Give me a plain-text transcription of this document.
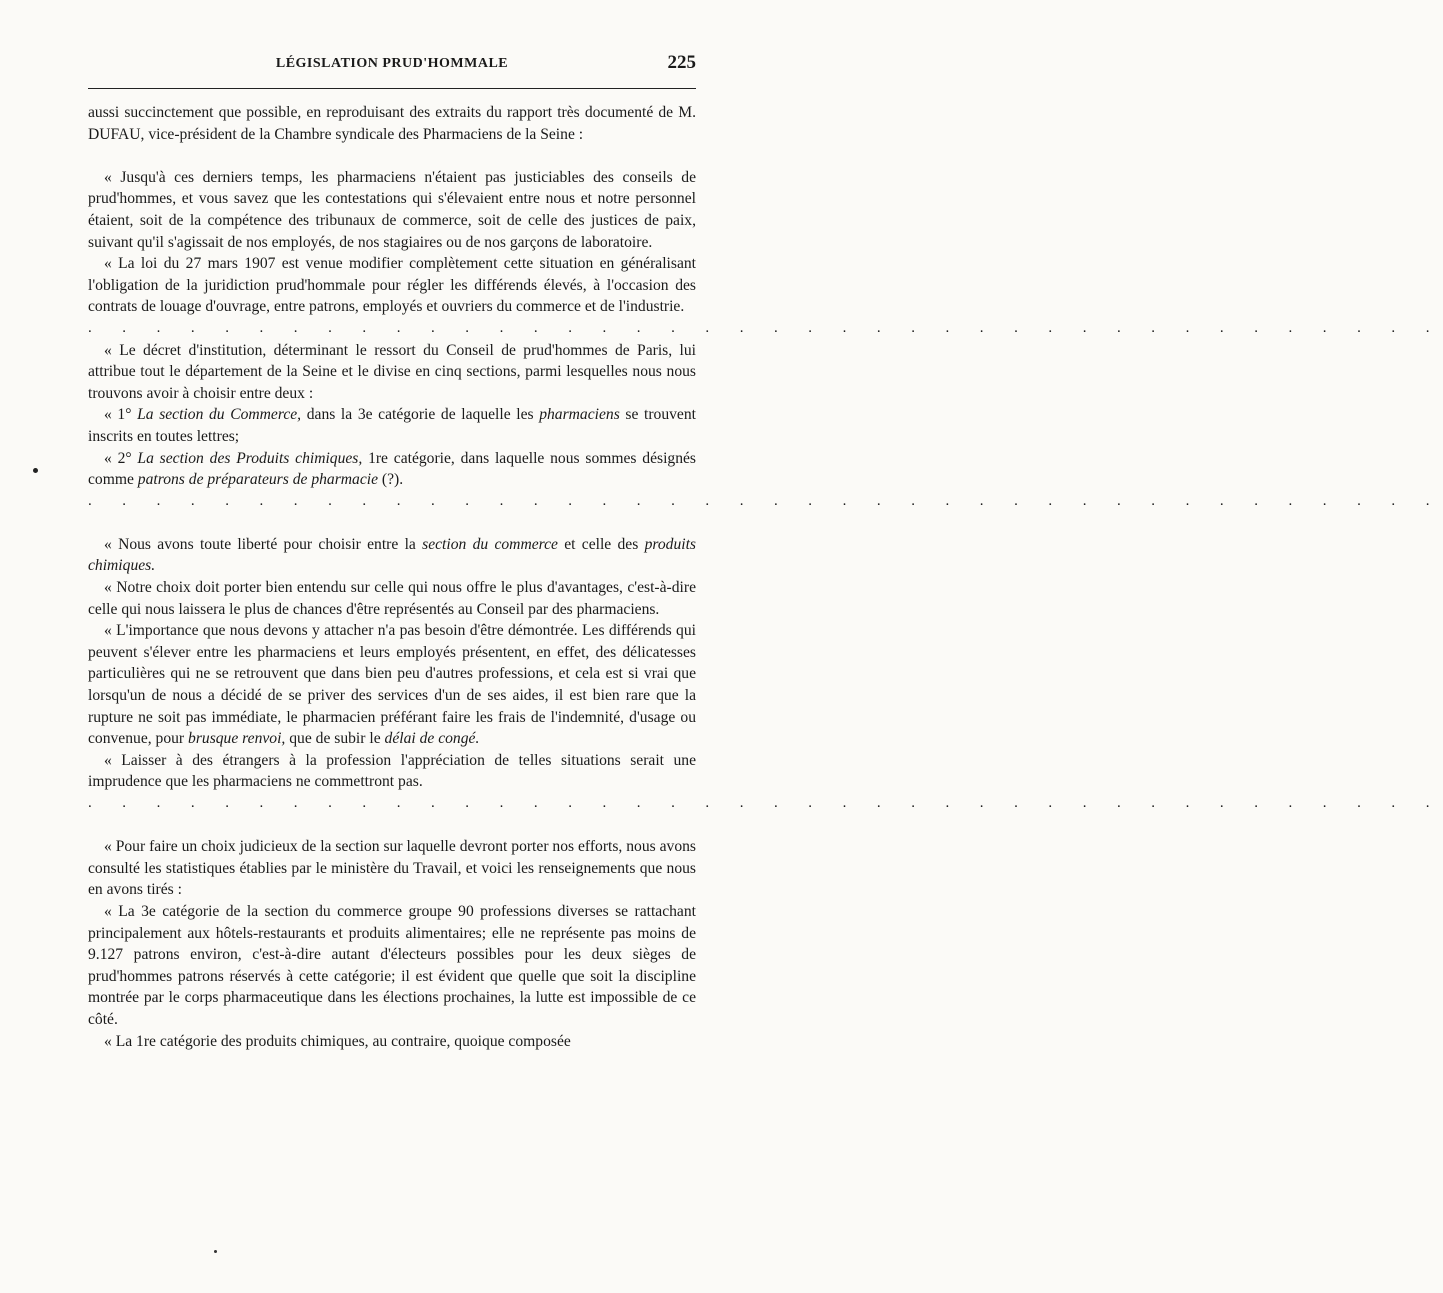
LÉGISLATION PRUD'HOMMALE	225

aussi succinctement que possible, en reproduisant des extraits du rapport très documenté de M. DUFAU, vice-président de la Chambre syndicale des Pharmaciens de la Seine :

« Jusqu'à ces derniers temps, les pharmaciens n'étaient pas justiciables des conseils de prud'hommes, et vous savez que les contestations qui s'élevaient entre nous et notre personnel étaient, soit de la compétence des tribunaux de commerce, soit de celle des justices de paix, suivant qu'il s'agissait de nos employés, de nos stagiaires ou de nos garçons de laboratoire.

« La loi du 27 mars 1907 est venue modifier complètement cette situation en généralisant l'obligation de la juridiction prud'hommale pour régler les différends élevés, à l'occasion des contrats de louage d'ouvrage, entre patrons, employés et ouvriers du commerce et de l'industrie.

. . . . . . . . . . . . . . . . . . . . . . . . . . . . . . . . . . . . . . . .

« Le décret d'institution, déterminant le ressort du Conseil de prud'hommes de Paris, lui attribue tout le département de la Seine et le divise en cinq sections, parmi lesquelles nous nous trouvons avoir à choisir entre deux :

« 1° La section du Commerce, dans la 3e catégorie de laquelle les pharmaciens se trouvent inscrits en toutes lettres;

« 2° La section des Produits chimiques, 1re catégorie, dans laquelle nous sommes désignés comme patrons de préparateurs de pharmacie (?).

. . . . . . . . . . . . . . . . . . . . . . . . . . . . . . . . . . . . . . . .

« Nous avons toute liberté pour choisir entre la section du commerce et celle des produits chimiques.

« Notre choix doit porter bien entendu sur celle qui nous offre le plus d'avantages, c'est-à-dire celle qui nous laissera le plus de chances d'être représentés au Conseil par des pharmaciens.

« L'importance que nous devons y attacher n'a pas besoin d'être démontrée. Les différends qui peuvent s'élever entre les pharmaciens et leurs employés présentent, en effet, des délicatesses particulières qui ne se retrouvent que dans bien peu d'autres professions, et cela est si vrai que lorsqu'un de nous a décidé de se priver des services d'un de ses aides, il est bien rare que la rupture ne soit pas immédiate, le pharmacien préférant faire les frais de l'indemnité, d'usage ou convenue, pour brusque renvoi, que de subir le délai de congé.

« Laisser à des étrangers à la profession l'appréciation de telles situations serait une imprudence que les pharmaciens ne commettront pas.

. . . . . . . . . . . . . . . . . . . . . . . . . . . . . . . . . . . . . . . .

« Pour faire un choix judicieux de la section sur laquelle devront porter nos efforts, nous avons consulté les statistiques établies par le ministère du Travail, et voici les renseignements que nous en avons tirés :

« La 3e catégorie de la section du commerce groupe 90 professions diverses se rattachant principalement aux hôtels-restaurants et produits alimentaires; elle ne représente pas moins de 9.127 patrons environ, c'est-à-dire autant d'électeurs possibles pour les deux sièges de prud'hommes patrons réservés à cette catégorie; il est évident que quelle que soit la discipline montrée par le corps pharmaceutique dans les élections prochaines, la lutte est impossible de ce côté.

« La 1re catégorie des produits chimiques, au contraire, quoique composée
